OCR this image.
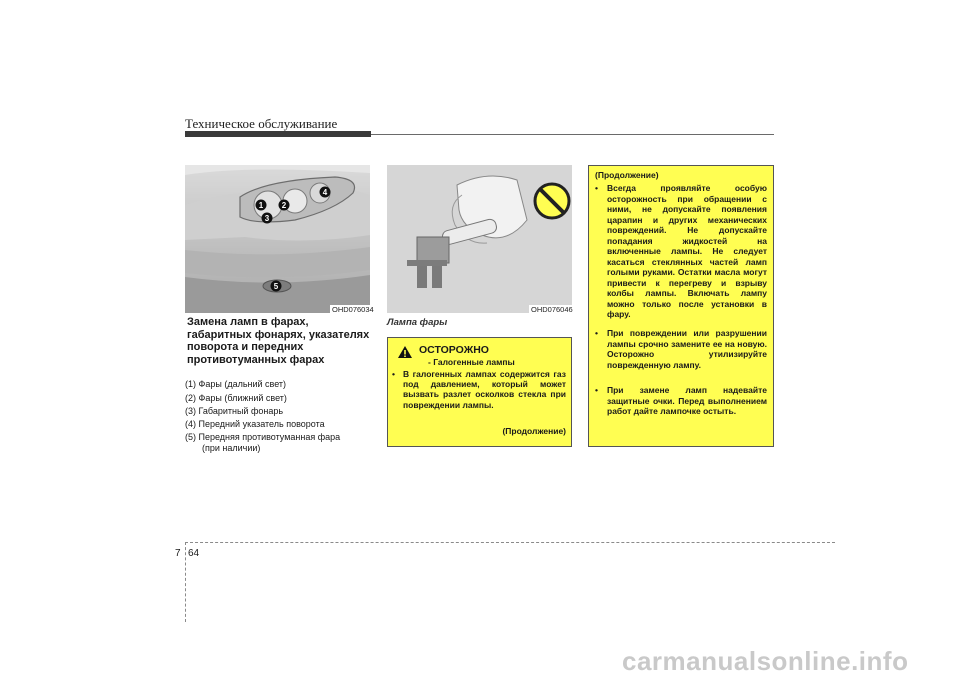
Техническое обслуживание
1 2
3
4
5
OHD076034	OHD076046
Замена ламп в фарах, габаритных фонарях, указателях поворота и передних противотуманных фарах
(1) Фары (дальний свет)
(2) Фары (ближний свет)
(3) Габаритный фонарь
(4) Передний указатель поворота
(5) Передняя противотуманная фара
(при наличии)
Лампа фары
ОСТОРОЖНО
- Галогенные лампы
• В галогенных лампах содержится газ под давлением, который может вызвать разлет осколков стекла при повреждении лампы.
(Продолжение)
(Продолжение)
•	Всегда проявляйте особую осторожность при обращении с ними, не допускайте появления царапин и других механических повреждений. Не допускайте попадания жидкостей на включенные лампы. Не следует касаться стеклянных частей ламп голыми руками. Остатки масла могут привести к перегреву и взрыву колбы лампы. Включать лампу можно только после установки в фару.
•	При повреждении или разрушении лампы срочно замените ее на новую. Осторожно утилизируйте поврежденную лампу.
•	При замене ламп надевайте защитные очки. Перед выполнением работ дайте лампочке остыть.
7 64
carmanualsonline.info
